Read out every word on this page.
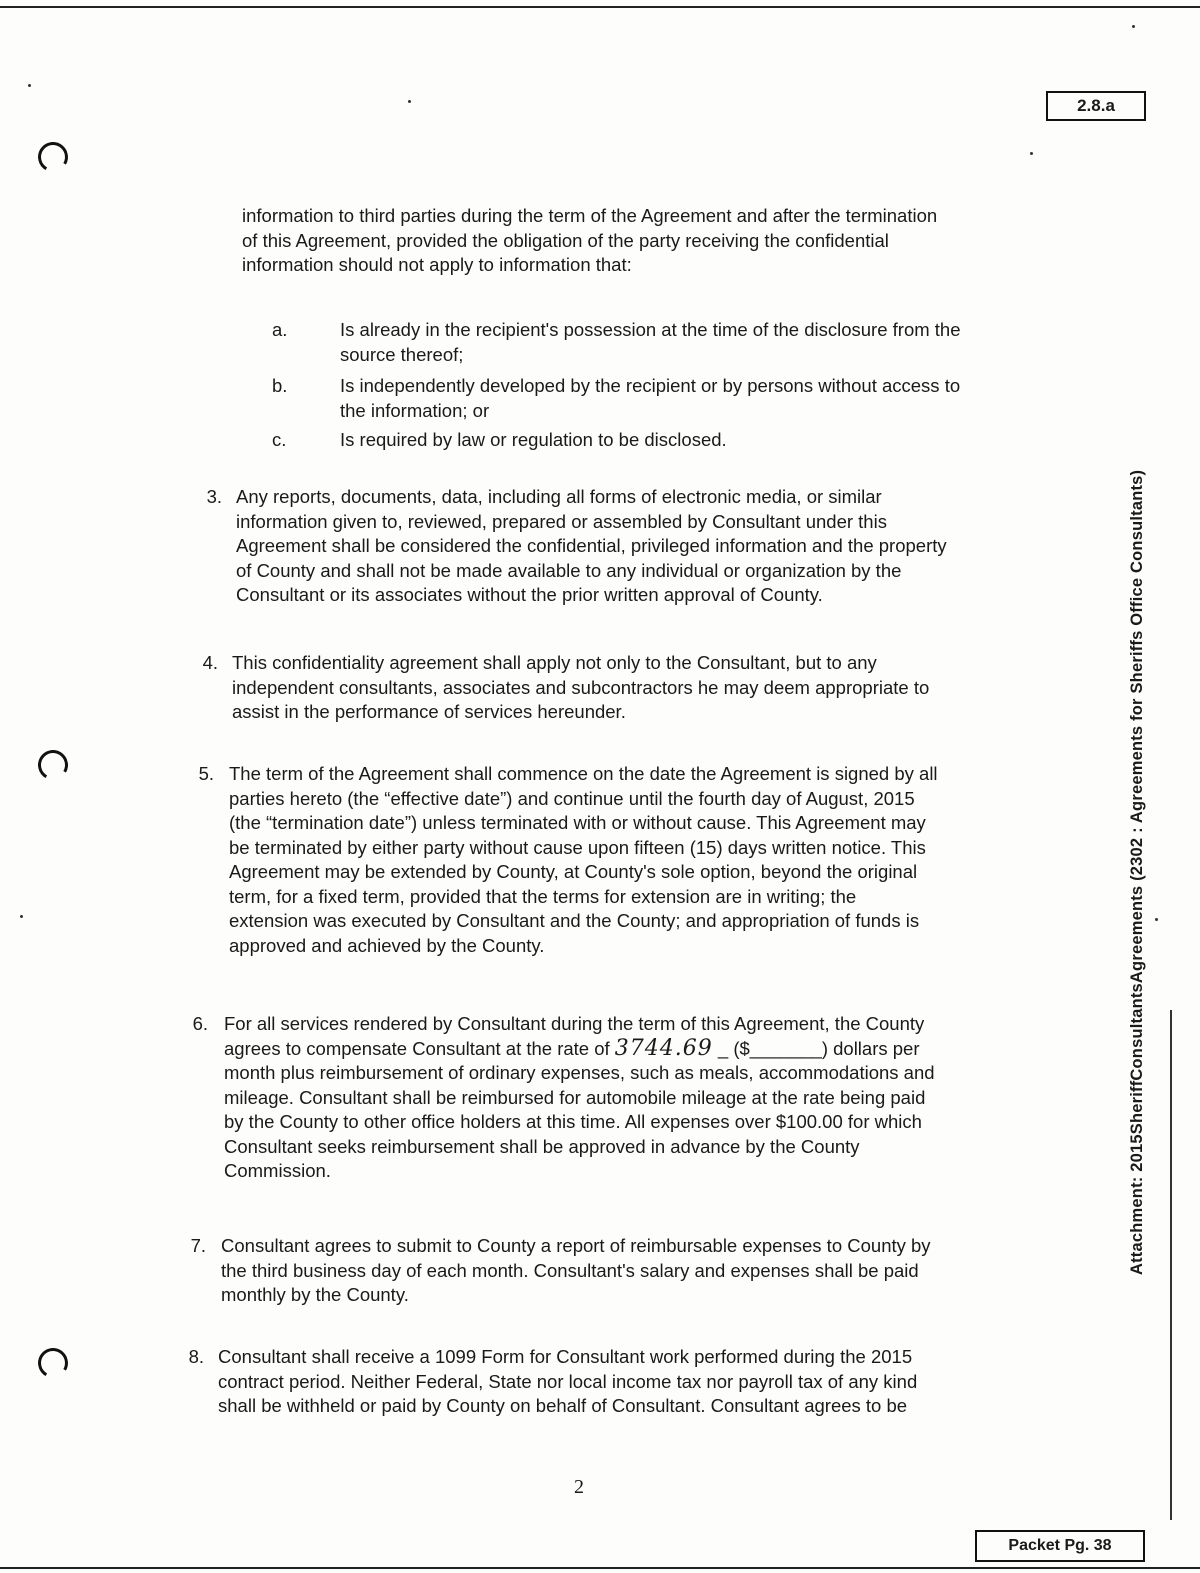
2.8.a
information to third parties during the term of the Agreement and after the termination
of this Agreement, provided the obligation of the party receiving the confidential
information should not apply to information that:
a.	Is already in the recipient's possession at the time of the disclosure from the
source thereof;
b.	Is independently developed by the recipient or by persons without access to
the information; or
c.	Is required by law or regulation to be disclosed.
3. Any reports, documents, data, including all forms of electronic media, or similar
information given to, reviewed, prepared or assembled by Consultant under this
Agreement shall be considered the confidential, privileged information and the property
of County and shall not be made available to any individual or organization by the
Consultant or its associates without the prior written approval of County.
4. This confidentiality agreement shall apply not only to the Consultant, but to any
independent consultants, associates and subcontractors he may deem appropriate to
assist in the performance of services hereunder.
5. The term of the Agreement shall commence on the date the Agreement is signed by all
parties hereto (the “effective date”) and continue until the fourth day of August, 2015
(the “termination date”) unless terminated with or without cause. This Agreement may
be terminated by either party without cause upon fifteen (15) days written notice. This
Agreement may be extended by County, at County's sole option, beyond the original
term, for a fixed term, provided that the terms for extension are in writing; the
extension was executed by Consultant and the County; and appropriation of funds is
approved and achieved by the County.
6. For all services rendered by Consultant during the term of this Agreement, the County
agrees to compensate Consultant at the rate of 3744.69 _ ($_______) dollars per
month plus reimbursement of ordinary expenses, such as meals, accommodations and
mileage. Consultant shall be reimbursed for automobile mileage at the rate being paid
by the County to other office holders at this time. All expenses over $100.00 for which
Consultant seeks reimbursement shall be approved in advance by the County
Commission.
7. Consultant agrees to submit to County a report of reimbursable expenses to County by
the third business day of each month. Consultant's salary and expenses shall be paid
monthly by the County.
8. Consultant shall receive a 1099 Form for Consultant work performed during the 2015
contract period. Neither Federal, State nor local income tax nor payroll tax of any kind
shall be withheld or paid by County on behalf of Consultant. Consultant agrees to be
Attachment: 2015SheriffConsultantsAgreements (2302 : Agreements for Sheriffs Office Consultants)
2
Packet Pg. 38
